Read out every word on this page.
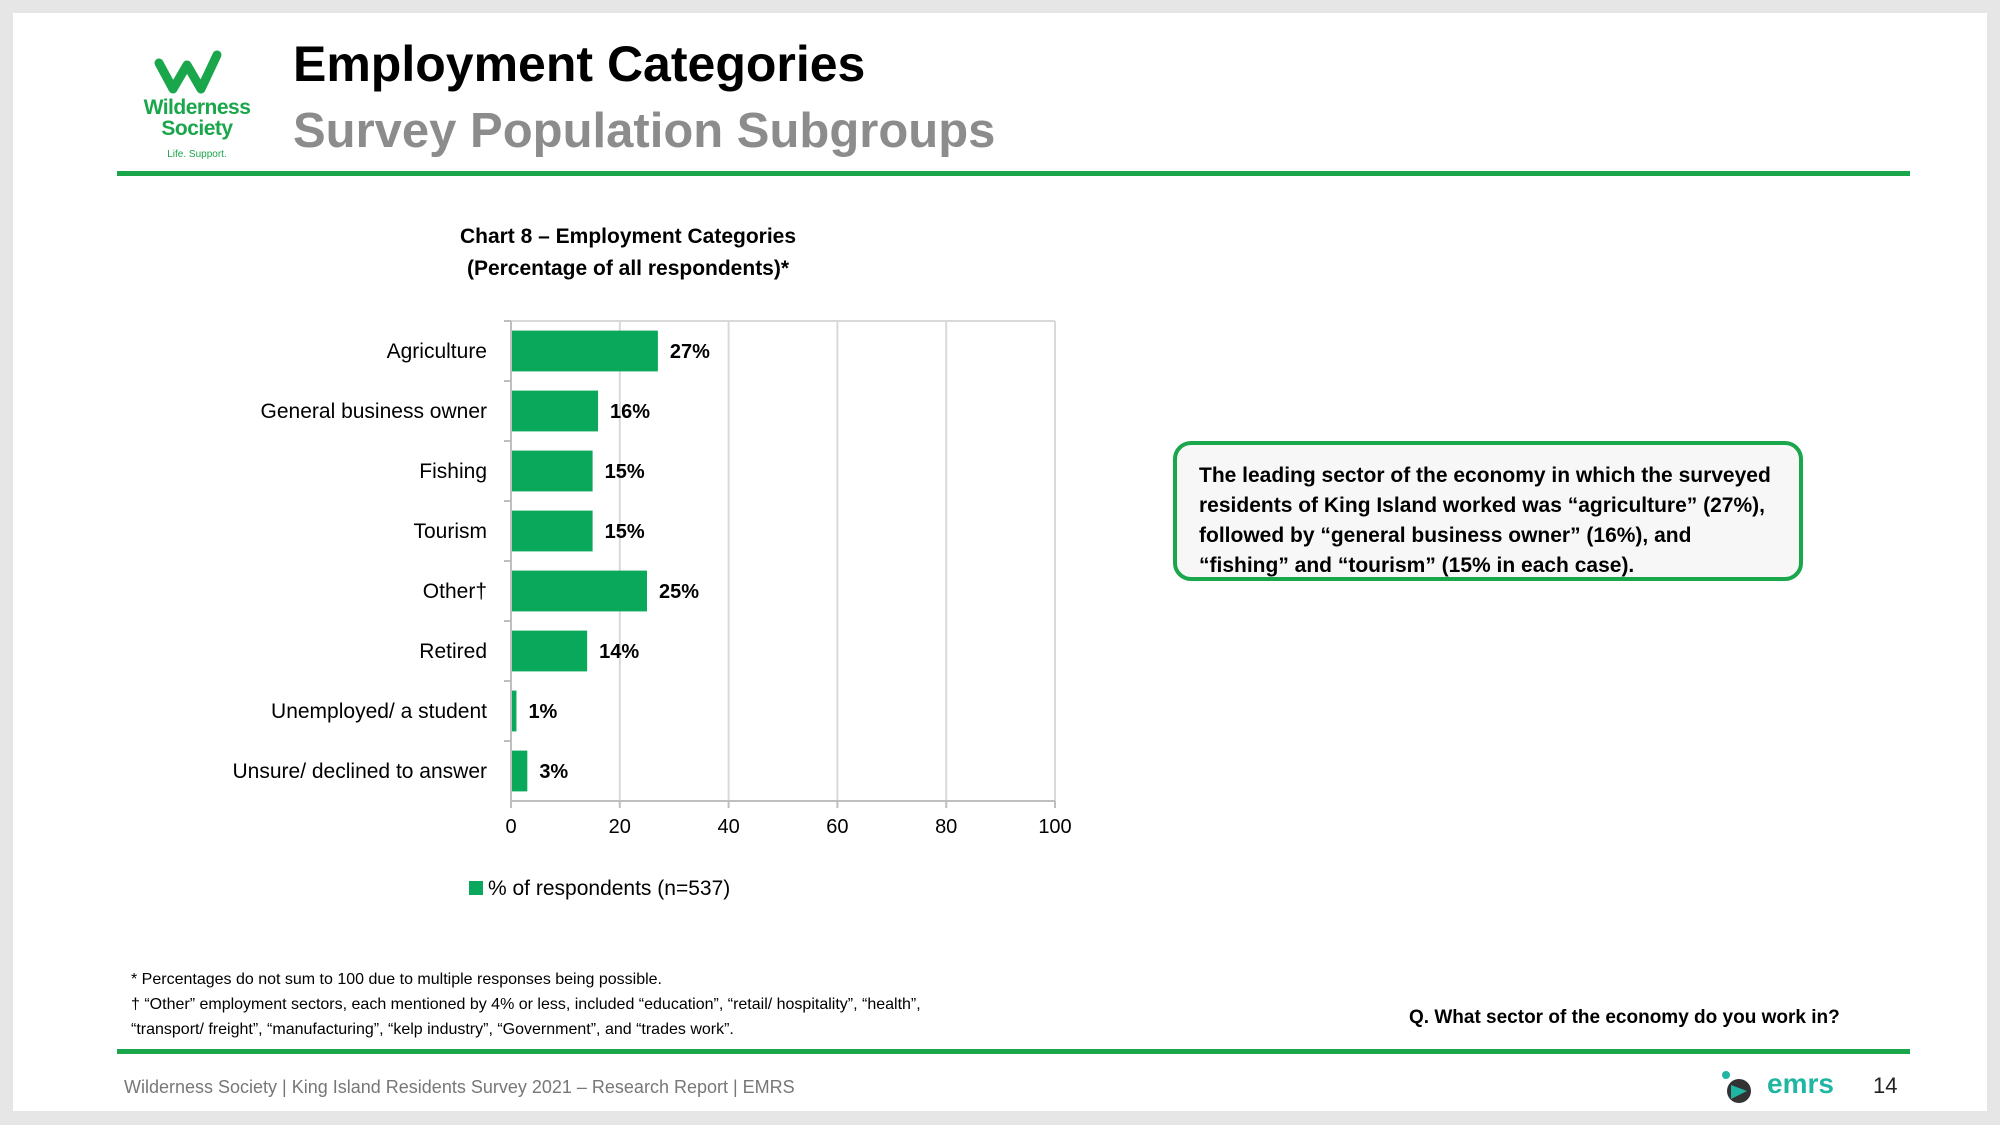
Wilderness Society
Life. Support.
Employment Categories
Survey Population Subgroups
Chart 8 – Employment Categories
(Percentage of all respondents)*
0	20	40	60	80	100
Agriculture	27%
General business owner	16%
Fishing	15%
Tourism	15%
Other†	25%
Retired	14%
Unemployed/ a student 1%
Unsure/ declined to answer	3%
% of respondents (n=537)
The leading sector of the economy in which the surveyed residents of King Island worked was “agriculture” (27%), followed by “general business owner” (16%), and “fishing” and “tourism” (15% in each case).
* Percentages do not sum to 100 due to multiple responses being possible.
† “Other” employment sectors, each mentioned by 4% or less, included “education”, “retail/ hospitality”, “health”,
“transport/ freight”, “manufacturing”, “kelp industry”, “Government”, and “trades work”.
Q. What sector of the economy do you work in?
Wilderness Society | King Island Residents Survey 2021 – Research Report | EMRS	emrs 14
